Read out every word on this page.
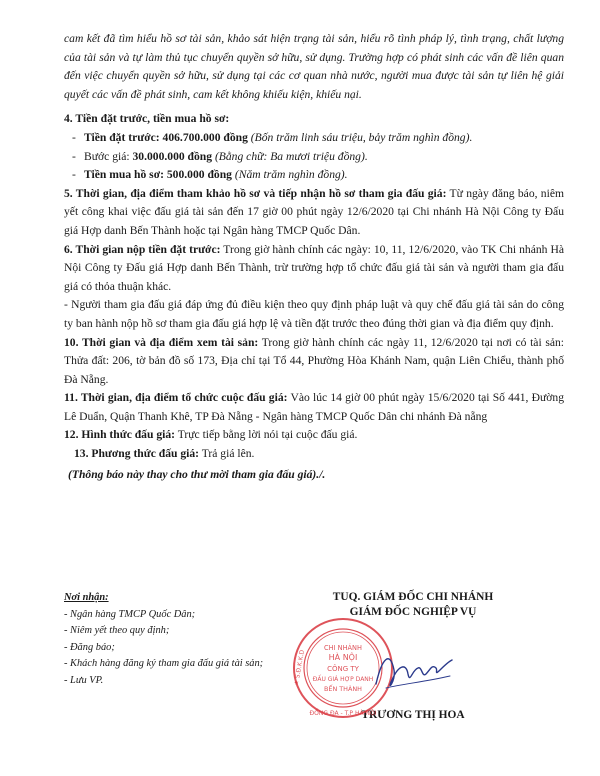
cam kết đã tìm hiểu hồ sơ tài sản, khảo sát hiện trạng tài sản, hiểu rõ tình pháp lý, tình trạng, chất lượng của tài sản và tự làm thủ tục chuyển quyền sở hữu, sử dụng. Trường hợp có phát sinh các vấn đề liên quan đến việc chuyển quyền sở hữu, sử dụng tại các cơ quan nhà nước, người mua được tài sản tự liên hệ giải quyết các vấn đề phát sinh, cam kết không khiếu kiện, khiếu nại.

4. Tiền đặt trước, tiền mua hồ sơ:

- Tiền đặt trước: 406.700.000 đồng (Bốn trăm linh sáu triệu, bảy trăm nghìn đồng).
- Bước giá: 30.000.000 đồng (Bằng chữ: Ba mươi triệu đồng).
- Tiền mua hồ sơ: 500.000 đồng (Năm trăm nghìn đồng).

5. Thời gian, địa điểm tham khảo hồ sơ và tiếp nhận hồ sơ tham gia đấu giá: Từ ngày đăng báo, niêm yết công khai việc đấu giá tài sản đến 17 giờ 00 phút ngày 12/6/2020 tại Chi nhánh Hà Nội Công ty Đấu giá Hợp danh Bến Thành hoặc tại Ngân hàng TMCP Quốc Dân.

6. Thời gian nộp tiền đặt trước: Trong giờ hành chính các ngày: 10, 11, 12/6/2020, vào TK Chi nhánh Hà Nội Công ty Đấu giá Hợp danh Bến Thành, trừ trường hợp tổ chức đấu giá tài sản và người tham gia đấu giá có thỏa thuận khác.

- Người tham gia đấu giá đáp ứng đủ điều kiện theo quy định pháp luật và quy chế đấu giá tài sản do công ty ban hành nộp hồ sơ tham gia đấu giá hợp lệ và tiền đặt trước theo đúng thời gian và địa điểm quy định.

10. Thời gian và địa điểm xem tài sản: Trong giờ hành chính các ngày 11, 12/6/2020 tại nơi có tài sản: Thửa đất: 206, tờ bản đồ số 173, Địa chỉ tại Tổ 44, Phường Hòa Khánh Nam, quận Liên Chiểu, thành phố Đà Nẵng.

11. Thời gian, địa điểm tổ chức cuộc đấu giá: Vào lúc 14 giờ 00 phút ngày 15/6/2020 tại Số 441, Đường Lê Duẩn, Quận Thanh Khê, TP Đà Nẵng - Ngân hàng TMCP Quốc Dân chi nhánh Đà nẵng

12. Hình thức đấu giá: Trực tiếp bằng lời nói tại cuộc đấu giá.

13. Phương thức đấu giá: Trả giá lên.

(Thông báo này thay cho thư mời tham gia đấu giá)./.

Nơi nhận:
- Ngân hàng TMCP Quốc Dân;
- Niêm yết theo quy định;
- Đăng báo;
- Khách hàng đăng ký tham gia đấu giá tài sản;
- Lưu VP.
TUQ. GIÁM ĐỐC CHI NHÁNH
GIÁM ĐỐC NGHIỆP VỤ
TRƯƠNG THỊ HOA
CHI NHÁNH
HÀ NỘI
CÔNG TY
ĐẤU GIÁ HỢP DANH
BẾN THÀNH
★ S.Đ.K.K.D
ĐỐNG ĐA - T.P HÀ NỘI
